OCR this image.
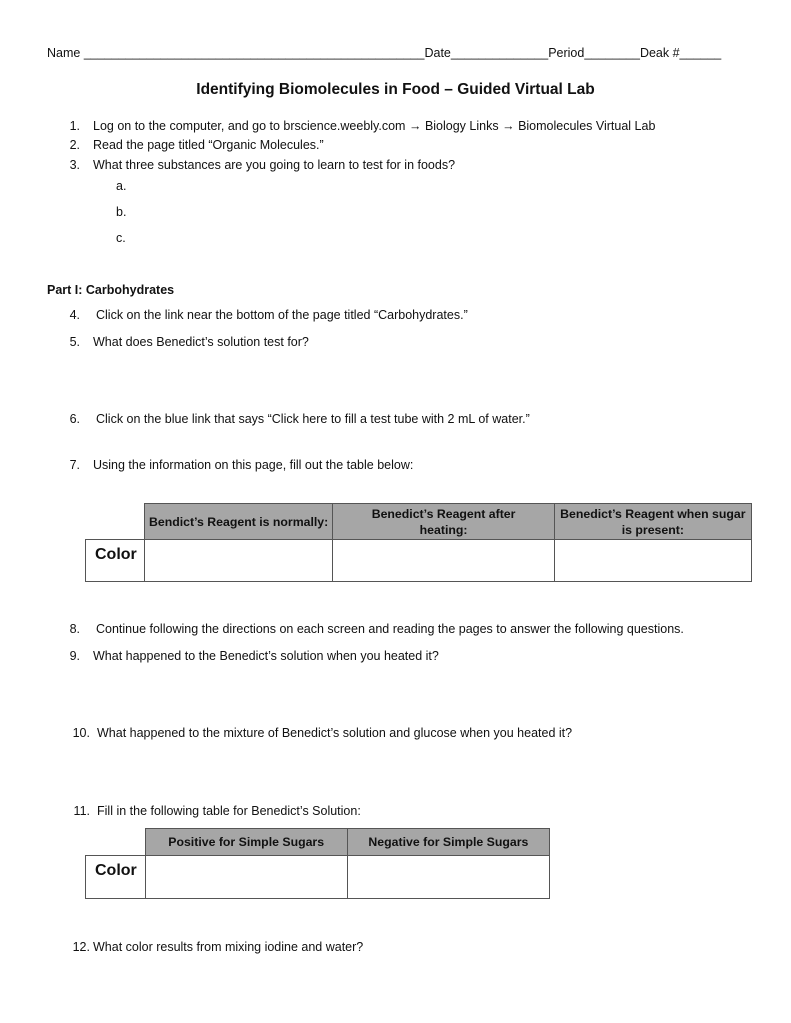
Name _________________________________________________Date______________Period________Deak #______
Identifying Biomolecules in Food – Guided Virtual Lab
1. Log on to the computer, and go to brscience.weebly.com → Biology Links → Biomolecules Virtual Lab
2. Read the page titled “Organic Molecules.”
3. What three substances are you going to learn to test for in foods?
a.
b.
c.
Part I: Carbohydrates
4. Click on the link near the bottom of the page titled “Carbohydrates.”
5. What does Benedict’s solution test for?
6. Click on the blue link that says “Click here to fill a test tube with 2 mL of water.”
7. Using the information on this page, fill out the table below:
	Bendict’s Reagent is normally:	Benedict’s Reagent after heating:	Benedict’s Reagent when sugar is present:
Color			
8. Continue following the directions on each screen and reading the pages to answer the following questions.
9. What happened to the Benedict’s solution when you heated it?
10. What happened to the mixture of Benedict’s solution and glucose when you heated it?
11. Fill in the following table for Benedict’s Solution:
	Positive for Simple Sugars	Negative for Simple Sugars
Color		
12. What color results from mixing iodine and water?
